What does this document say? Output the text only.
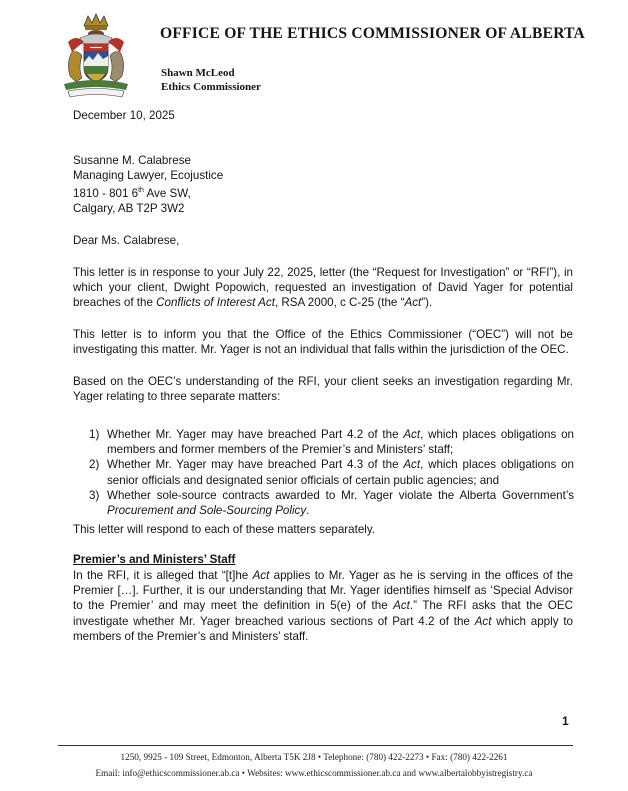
OFFICE OF THE ETHICS COMMISSIONER OF ALBERTA
Shawn McLeod
Ethics Commissioner
December 10, 2025
Susanne M. Calabrese
Managing Lawyer, Ecojustice
1810 - 801 6th Ave SW,
Calgary, AB T2P 3W2
Dear Ms. Calabrese,
This letter is in response to your July 22, 2025, letter (the “Request for Investigation” or “RFI”), in which your client, Dwight Popowich, requested an investigation of David Yager for potential breaches of the Conflicts of Interest Act, RSA 2000, c C-25 (the “Act”).
This letter is to inform you that the Office of the Ethics Commissioner (“OEC”) will not be investigating this matter. Mr. Yager is not an individual that falls within the jurisdiction of the OEC.
Based on the OEC’s understanding of the RFI, your client seeks an investigation regarding Mr. Yager relating to three separate matters:
1) Whether Mr. Yager may have breached Part 4.2 of the Act, which places obligations on members and former members of the Premier’s and Ministers’ staff;
2) Whether Mr. Yager may have breached Part 4.3 of the Act, which places obligations on senior officials and designated senior officials of certain public agencies; and
3) Whether sole-source contracts awarded to Mr. Yager violate the Alberta Government’s Procurement and Sole-Sourcing Policy.
This letter will respond to each of these matters separately.
Premier’s and Ministers’ Staff
In the RFI, it is alleged that “[t]he Act applies to Mr. Yager as he is serving in the offices of the Premier […]. Further, it is our understanding that Mr. Yager identifies himself as ‘Special Advisor to the Premier’ and may meet the definition in 5(e) of the Act.” The RFI asks that the OEC investigate whether Mr. Yager breached various sections of Part 4.2 of the Act which apply to members of the Premier’s and Ministers’ staff.
1
1250, 9925 - 109 Street, Edmonton, Alberta T5K 2J8 • Telephone: (780) 422-2273 • Fax: (780) 422-2261
Email: info@ethicscommissioner.ab.ca • Websites: www.ethicscommissioner.ab.ca and www.albertalobbyistregistry.ca
